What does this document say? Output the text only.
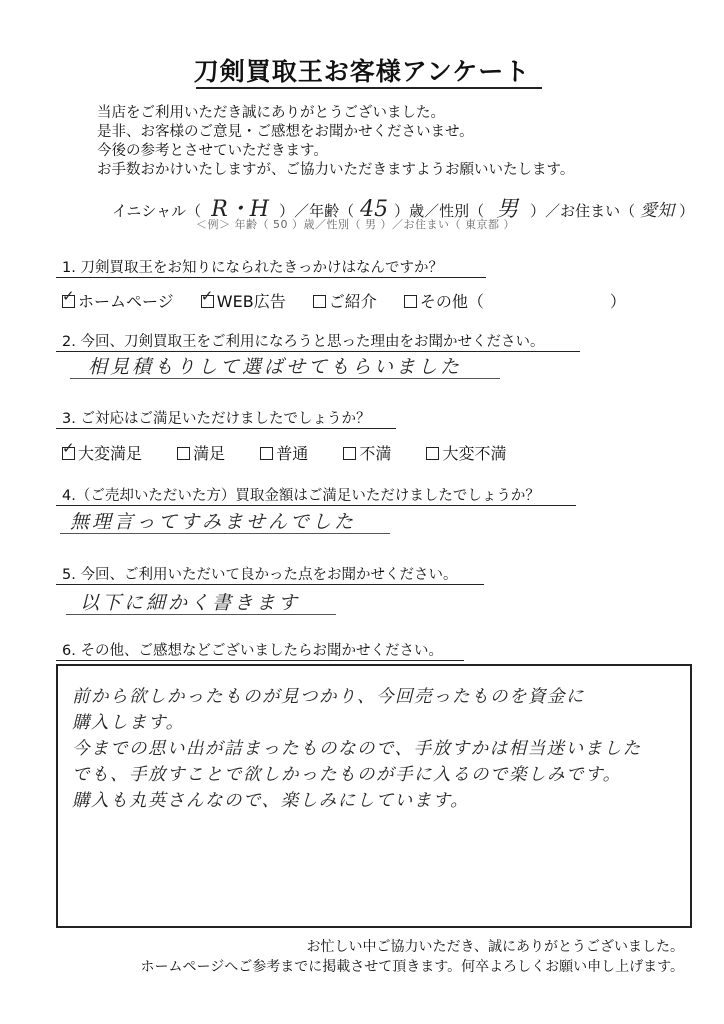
刀剣買取王お客様アンケート
当店をご利用いただき誠にありがとうございました。
是非、お客様のご意見・ご感想をお聞かせくださいませ。
今後の参考とさせていただきます。
お手数おかけいたしますが、ご協力いただきますようお願いいたします。
イニシャル（ R・H ）／年齢（ 45 ）歳／性別（ 男 ）／お住まい（ 愛知 ）
＜例＞ 年齢（ 50 ）歳／性別（ 男 ）／お住まい（ 東京都 ）
1. 刀剣買取王をお知りになられたきっかけはなんですか？
✓ホームページ ✓	WEB広告	ご紹介	その他（	）
2. 今回、刀剣買取王をご利用になろうと思った理由をお聞かせください。
相見積もりして選ばせてもらいました
3. ご対応はご満足いただけましたでしょうか？
✓大変満足	満足	普通	不満	大変不満
4.（ご売却いただいた方）買取金額はご満足いただけましたでしょうか？
無理言ってすみませんでした
5. 今回、ご利用いただいて良かった点をお聞かせください。
以下に細かく書きます
6. その他、ご感想などございましたらお聞かせください。
前から欲しかったものが見つかり、今回売ったものを資金に
購入します。
今までの思い出が詰まったものなので、手放すかは相当迷いました
でも、手放すことで欲しかったものが手に入るので楽しみです。
購入も丸英さんなので、楽しみにしています。
お忙しい中ご協力いただき、誠にありがとうございました。
ホームページへご参考までに掲載させて頂きます。何卒よろしくお願い申し上げます。
